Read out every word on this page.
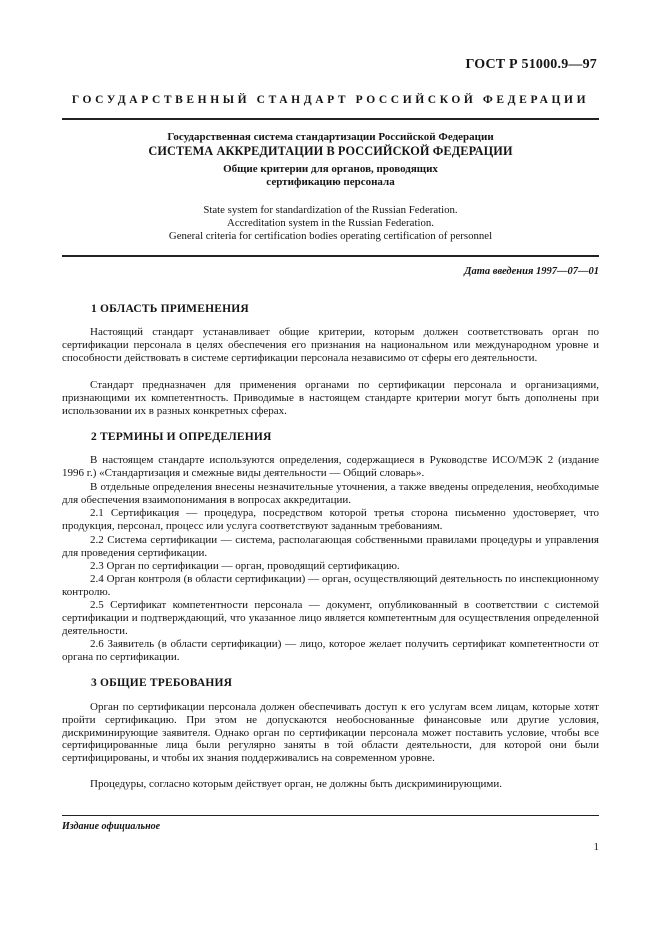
ГОСТ Р 51000.9—97
ГОСУДАРСТВЕННЫЙ СТАНДАРТ РОССИЙСКОЙ ФЕДЕРАЦИИ
Государственная система стандартизации Российской Федерации
СИСТЕМА АККРЕДИТАЦИИ В РОССИЙСКОЙ ФЕДЕРАЦИИ
Общие критерии для органов, проводящих
сертификацию персонала
State system for standardization of the Russian Federation.
Accreditation system in the Russian Federation.
General criteria for certification bodies operating certification of personnel
Дата введения 1997—07—01
1 ОБЛАСТЬ ПРИМЕНЕНИЯ
Настоящий стандарт устанавливает общие критерии, которым должен соответствовать орган по сертификации персонала в целях обеспечения его признания на национальном или международном уровне и способности действовать в системе сертификации персонала независимо от сферы его деятельности.
Стандарт предназначен для применения органами по сертификации персонала и организациями, признающими их компетентность. Приводимые в настоящем стандарте критерии могут быть дополнены при использовании их в разных конкретных сферах.
2 ТЕРМИНЫ И ОПРЕДЕЛЕНИЯ
В настоящем стандарте используются определения, содержащиеся в Руководстве ИСО/МЭК 2 (издание 1996 г.) «Стандартизация и смежные виды деятельности — Общий словарь».
В отдельные определения внесены незначительные уточнения, а также введены определения, необходимые для обеспечения взаимопонимания в вопросах аккредитации.
2.1 Сертификация — процедура, посредством которой третья сторона письменно удостоверяет, что продукция, персонал, процесс или услуга соответствуют заданным требованиям.
2.2 Система сертификации — система, располагающая собственными правилами процедуры и управления для проведения сертификации.
2.3 Орган по сертификации — орган, проводящий сертификацию.
2.4 Орган контроля (в области сертификации) — орган, осуществляющий деятельность по инспекционному контролю.
2.5 Сертификат компетентности персонала — документ, опубликованный в соответствии с системой сертификации и подтверждающий, что указанное лицо является компетентным для осуществления определенной деятельности.
2.6 Заявитель (в области сертификации) — лицо, которое желает получить сертификат компетентности от органа по сертификации.
3 ОБЩИЕ ТРЕБОВАНИЯ
Орган по сертификации персонала должен обеспечивать доступ к его услугам всем лицам, которые хотят пройти сертификацию. При этом не допускаются необоснованные финансовые или другие условия, дискриминирующие заявителя. Однако орган по сертификации персонала может поставить условие, чтобы все сертифицированные лица были регулярно заняты в той области деятельности, для которой они были сертифицированы, и чтобы их знания поддерживались на современном уровне.
Процедуры, согласно которым действует орган, не должны быть дискриминирующими.
Издание официальное
1
